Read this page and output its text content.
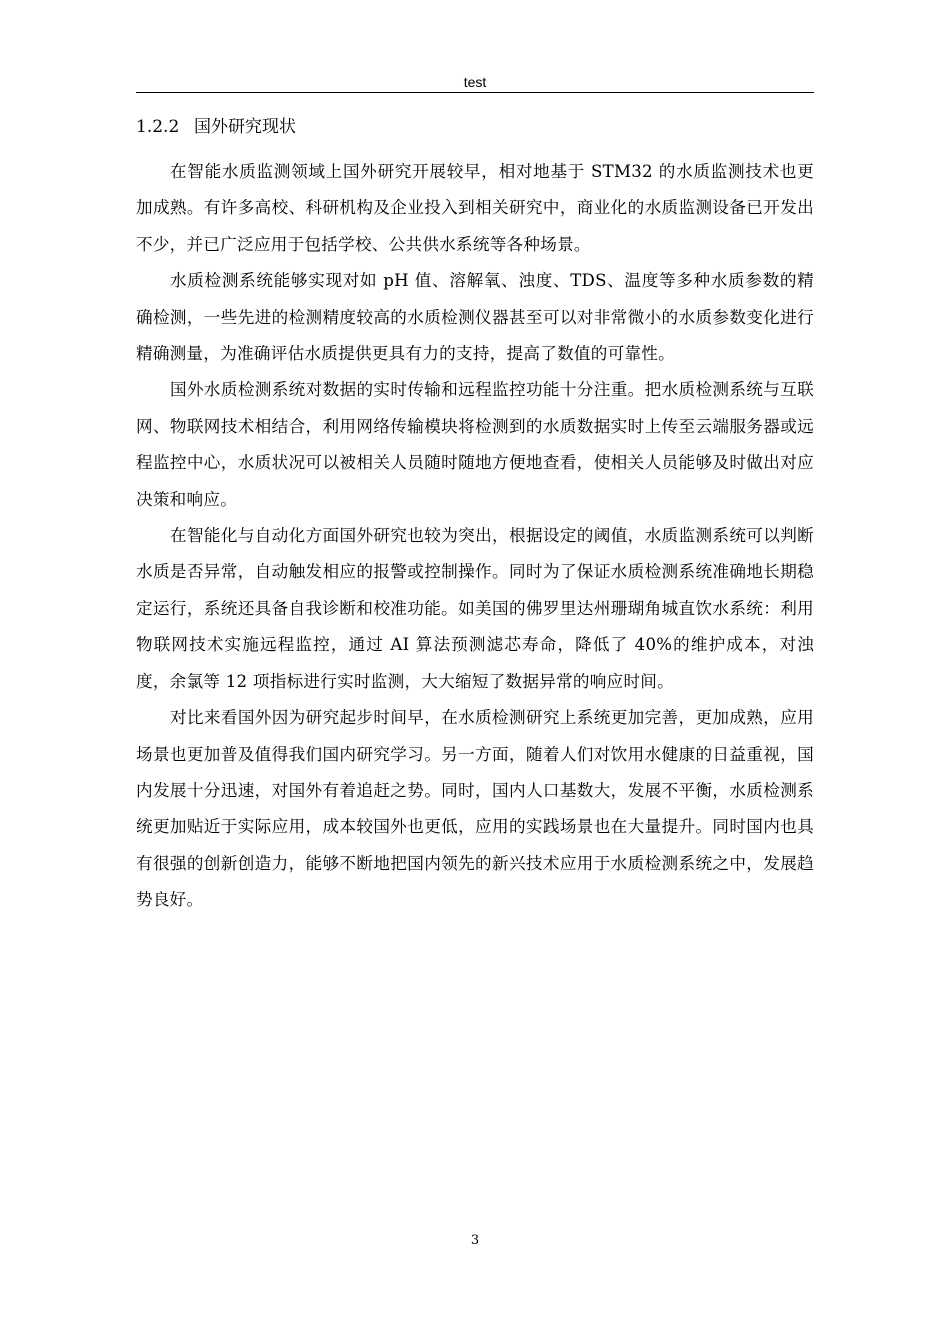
test
1.2.2 国外研究现状

在智能水质监测领域上国外研究开展较早，相对地基于 STM32 的水质监测技术也更加成熟。有许多高校、科研机构及企业投入到相关研究中，商业化的水质监测设备已开发出不少，并已广泛应用于包括学校、公共供水系统等各种场景。

水质检测系统能够实现对如 pH 值、溶解氧、浊度、TDS、温度等多种水质参数的精确检测，一些先进的检测精度较高的水质检测仪器甚至可以对非常微小的水质参数变化进行精确测量，为准确评估水质提供更具有力的支持，提高了数值的可靠性。

国外水质检测系统对数据的实时传输和远程监控功能十分注重。把水质检测系统与互联网、物联网技术相结合，利用网络传输模块将检测到的水质数据实时上传至云端服务器或远程监控中心，水质状况可以被相关人员随时随地方便地查看，使相关人员能够及时做出对应决策和响应。

在智能化与自动化方面国外研究也较为突出，根据设定的阈值，水质监测系统可以判断水质是否异常，自动触发相应的报警或控制操作。同时为了保证水质检测系统准确地长期稳定运行，系统还具备自我诊断和校准功能。如美国的佛罗里达州珊瑚角城直饮水系统：利用物联网技术实施远程监控，通过 AI 算法预测滤芯寿命，降低了 40%的维护成本，对浊度，余氯等 12 项指标进行实时监测，大大缩短了数据异常的响应时间。

对比来看国外因为研究起步时间早，在水质检测研究上系统更加完善，更加成熟，应用场景也更加普及值得我们国内研究学习。另一方面，随着人们对饮用水健康的日益重视，国内发展十分迅速，对国外有着追赶之势。同时，国内人口基数大，发展不平衡，水质检测系统更加贴近于实际应用，成本较国外也更低，应用的实践场景也在大量提升。同时国内也具有很强的创新创造力，能够不断地把国内领先的新兴技术应用于水质检测系统之中，发展趋势良好。

3
